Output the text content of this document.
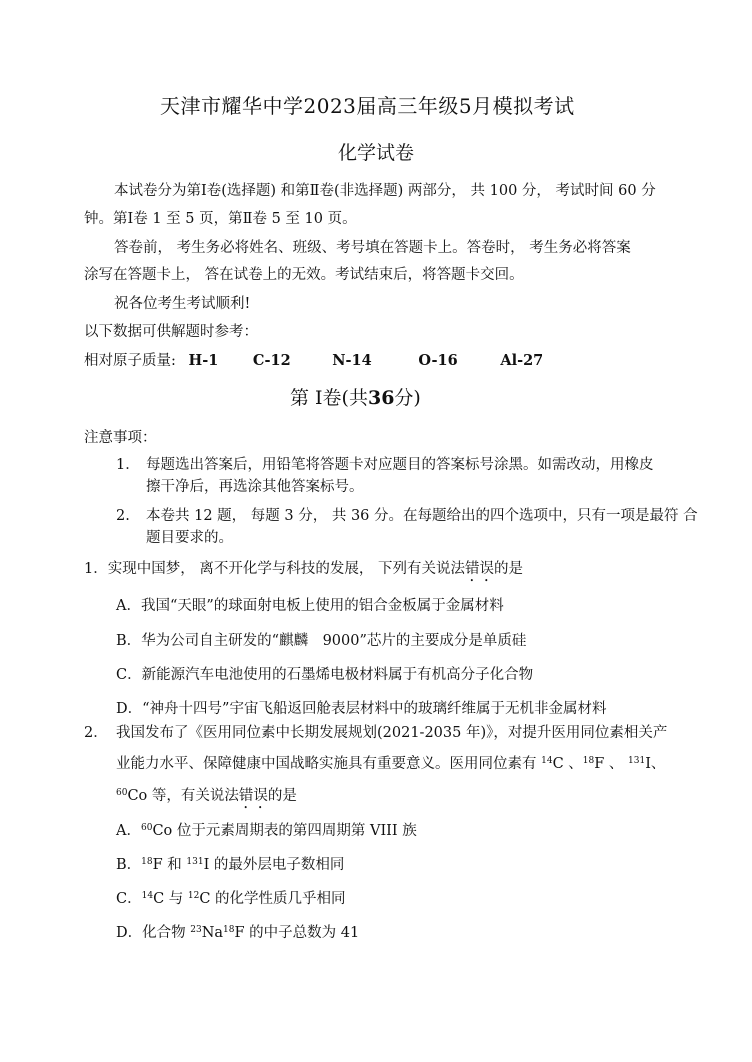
天津市耀华中学2023届高三年级5月模拟考试
化学试卷
本试卷分为第Ⅰ卷(选择题) 和第Ⅱ卷(非选择题) 两部分， 共 100 分， 考试时间 60 分
钟。第Ⅰ卷 1 至 5 页，第Ⅱ卷 5 至 10 页。
答卷前， 考生务必将姓名、班级、考号填在答题卡上。答卷时， 考生务必将答案
涂写在答题卡上， 答在试卷上的无效。考试结束后，将答题卡交回。
祝各位考生考试顺利!
以下数据可供解题时参考：
相对原子质量: H-1 C-12	N-14	O-16	Al-27
第 Ⅰ卷(共36分)
注意事项：
1． 每题选出答案后，用铅笔将答题卡对应题目的答案标号涂黑。如需改动，用橡皮
擦干净后，再选涂其他答案标号。
2. 本卷共 12 题， 每题 3 分， 共 36 分。在每题给出的四个选项中，只有一项是最符 合
题目要求的。
1．实现中国梦， 离不开化学与科技的发展， 下列有关说法错误的是
A．我国“天眼”的球面射电板上使用的铝合金板属于金属材料
B．华为公司自主研发的“麒麟　9000”芯片的主要成分是单质硅
C．新能源汽车电池使用的石墨烯电极材料属于有机高分子化合物
D．“神舟十四号”宇宙飞船返回舱表层材料中的玻璃纤维属于无机非金属材料
2． 我国发布了《医用同位素中长期发展规划(2021-2035 年)》，对提升医用同位素相关产
业能力水平、保障健康中国战略实施具有重要意义。医用同位素有 $^{14}$C 、$^{18}$F 、 $^{131}$I、
$^{60}$Co 等，有关说法错误的是
A．$^{60}$Co 位于元素周期表的第四周期第 VIII 族
B．$^{18}$F 和 $^{131}$I 的最外层电子数相同
C．$^{14}$C 与 $^{12}$C 的化学性质几乎相同
D．化合物 $^{23}$Na$^{18}$F 的中子总数为 41
